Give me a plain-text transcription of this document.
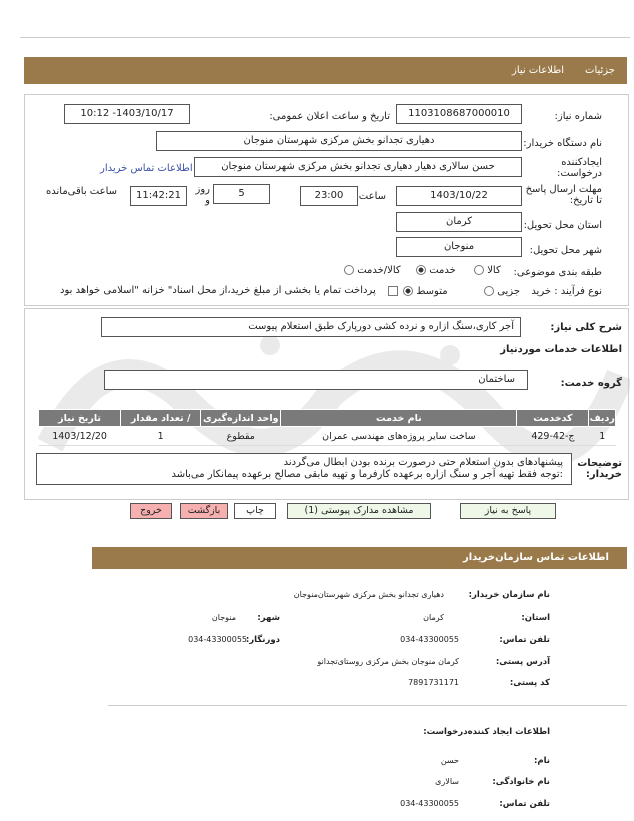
جزئیات
اطلاعات نیاز
شماره نیاز:
1103108687000010
تاریخ و ساعت اعلان عمومی:
1403/10/17- 10:12
نام دستگاه خریدار:
دهیاری تجدانو بخش مرکزی شهرستان منوجان
ایجادکننده درخواست:
حسن سالاری دهیار دهیاری تجدانو بخش مرکزی شهرستان منوجان
اطلاعات تماس خریدار
مهلت ارسال پاسخ تا تاریخ:
1403/10/22
ساعت
23:00
5
روز و
11:42:21
ساعت باقی‌مانده
استان محل تحویل:
کرمان
شهر محل تحویل:
منوجان
طبقه بندی موضوعی:
کالا
خدمت
کالا/خدمت
نوع فرآیند : خرید
جزیی
متوسط
پرداخت تمام یا بخشی از مبلغ خرید،از محل اسناد" خزانه "اسلامی خواهد بود
شرح کلی نیاز:
آجر کاری،سنگ ازاره و نرده کشی دورپارک طبق استعلام پیوست
اطلاعات خدمات موردنیاز
گروه خدمت:
ساختمان
ردیف	کدخدمت	نام خدمت	واحد اندازه‌گیری	/ تعداد مقدار	تاریخ نیاز
1	ج-42-429	ساخت سایر پروژه‌های مهندسی عمران	مقطوع	1	1403/12/20
توضیحات خریدار:
پیشنهادهای بدون استعلام حتی درصورت برنده بودن ابطال می‌گردند
:توجه فقط تهیه آجر و سنگ ازاره برعهده کارفرما و تهیه مابقی مصالح برعهده پیمانکار می‌باشد
پاسخ به نیاز
مشاهده مدارک پیوستی (1)
چاپ
بازگشت
خروج
اطلاعات تماس سازمان‌خریدار
نام سازمان خریدار:
دهیاری تجدانو بخش مرکزی شهرستان‌منوجان
استان:
کرمان
شهر:
منوجان
تلفن تماس:
034-43300055
دورنگار:
034-43300055
آدرس پستی:
کرمان منوجان بخش مرکزی روستای‌تجدانو
کد پستی:
7891731171
اطلاعات ایجاد کننده‌درخواست:
نام:
حسن
نام خانوادگی:
سالاری
تلفن تماس:
034-43300055
